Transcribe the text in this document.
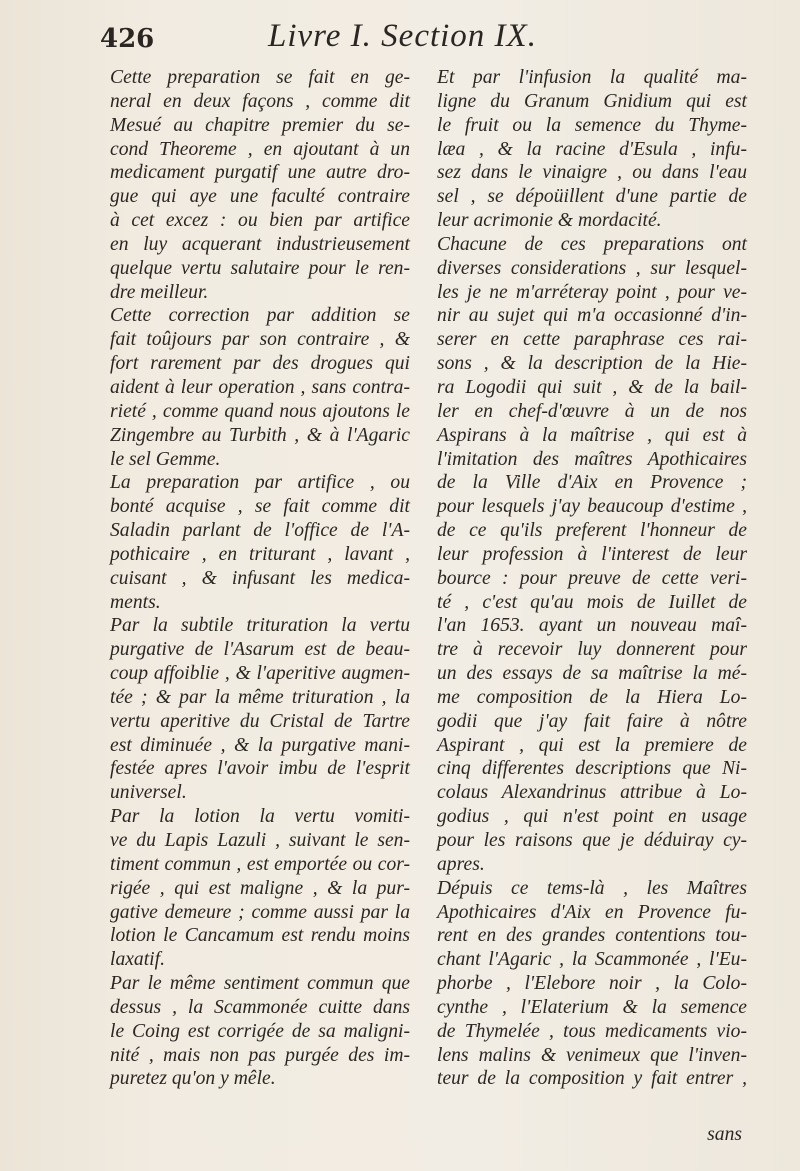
426	Livre I. Section IX.
Cette preparation se fait en ge-
neral en deux façons , comme dit
Mesué au chapitre premier du se-
cond Theoreme , en ajoutant à un
medicament purgatif une autre dro-
gue qui aye une faculté contraire
à cet excez : ou bien par artifice
en luy acquerant industrieusement
quelque vertu salutaire pour le ren-
dre meilleur.
Cette correction par addition se
fait toûjours par son contraire , &
fort rarement par des drogues qui
aident à leur operation , sans contra-
rieté , comme quand nous ajoutons le
Zingembre au Turbith , & à l'Agaric
le sel Gemme.
La preparation par artifice , ou
bonté acquise , se fait comme dit
Saladin parlant de l'office de l'A-
pothicaire , en triturant , lavant ,
cuisant , & infusant les medica-
ments.
Par la subtile trituration la vertu
purgative de l'Asarum est de beau-
coup affoiblie , & l'aperitive augmen-
tée ; & par la même trituration , la
vertu aperitive du Cristal de Tartre
est diminuée , & la purgative mani-
festée apres l'avoir imbu de l'esprit
universel.
Par la lotion la vertu vomiti-
ve du Lapis Lazuli , suivant le sen-
timent commun , est emportée ou cor-
rigée , qui est maligne , & la pur-
gative demeure ; comme aussi par la
lotion le Cancamum est rendu moins
laxatif.
Par le même sentiment commun que
dessus , la Scammonée cuitte dans
le Coing est corrigée de sa maligni-
nité , mais non pas purgée des im-
puretez qu'on y mêle.
Et par l'infusion la qualité ma-
ligne du Granum Gnidium qui est
le fruit ou la semence du Thyme-
læa , & la racine d'Esula , infu-
sez dans le vinaigre , ou dans l'eau
sel , se dépoüillent d'une partie de
leur acrimonie & mordacité.
Chacune de ces preparations ont
diverses considerations , sur lesquel-
les je ne m'arréteray point , pour ve-
nir au sujet qui m'a occasionné d'in-
serer en cette paraphrase ces rai-
sons , & la description de la Hie-
ra Logodii qui suit , & de la bail-
ler en chef-d'œuvre à un de nos
Aspirans à la maîtrise , qui est à
l'imitation des maîtres Apothicaires
de la Ville d'Aix en Provence ;
pour lesquels j'ay beaucoup d'estime ,
de ce qu'ils preferent l'honneur de
leur profession à l'interest de leur
bource : pour preuve de cette veri-
té , c'est qu'au mois de Iuillet de
l'an 1653. ayant un nouveau maî-
tre à recevoir luy donnerent pour
un des essays de sa maîtrise la mé-
me composition de la Hiera Lo-
godii que j'ay fait faire à nôtre
Aspirant , qui est la premiere de
cinq differentes descriptions que Ni-
colaus Alexandrinus attribue à Lo-
godius , qui n'est point en usage
pour les raisons que je déduiray cy-
apres.
Dépuis ce tems-là , les Maîtres
Apothicaires d'Aix en Provence fu-
rent en des grandes contentions tou-
chant l'Agaric , la Scammonée , l'Eu-
phorbe , l'Elebore noir , la Colo-
cynthe , l'Elaterium & la semence
de Thymelée , tous medicaments vio-
lens malins & venimeux que l'inven-
teur de la composition y fait entrer ,
sans
